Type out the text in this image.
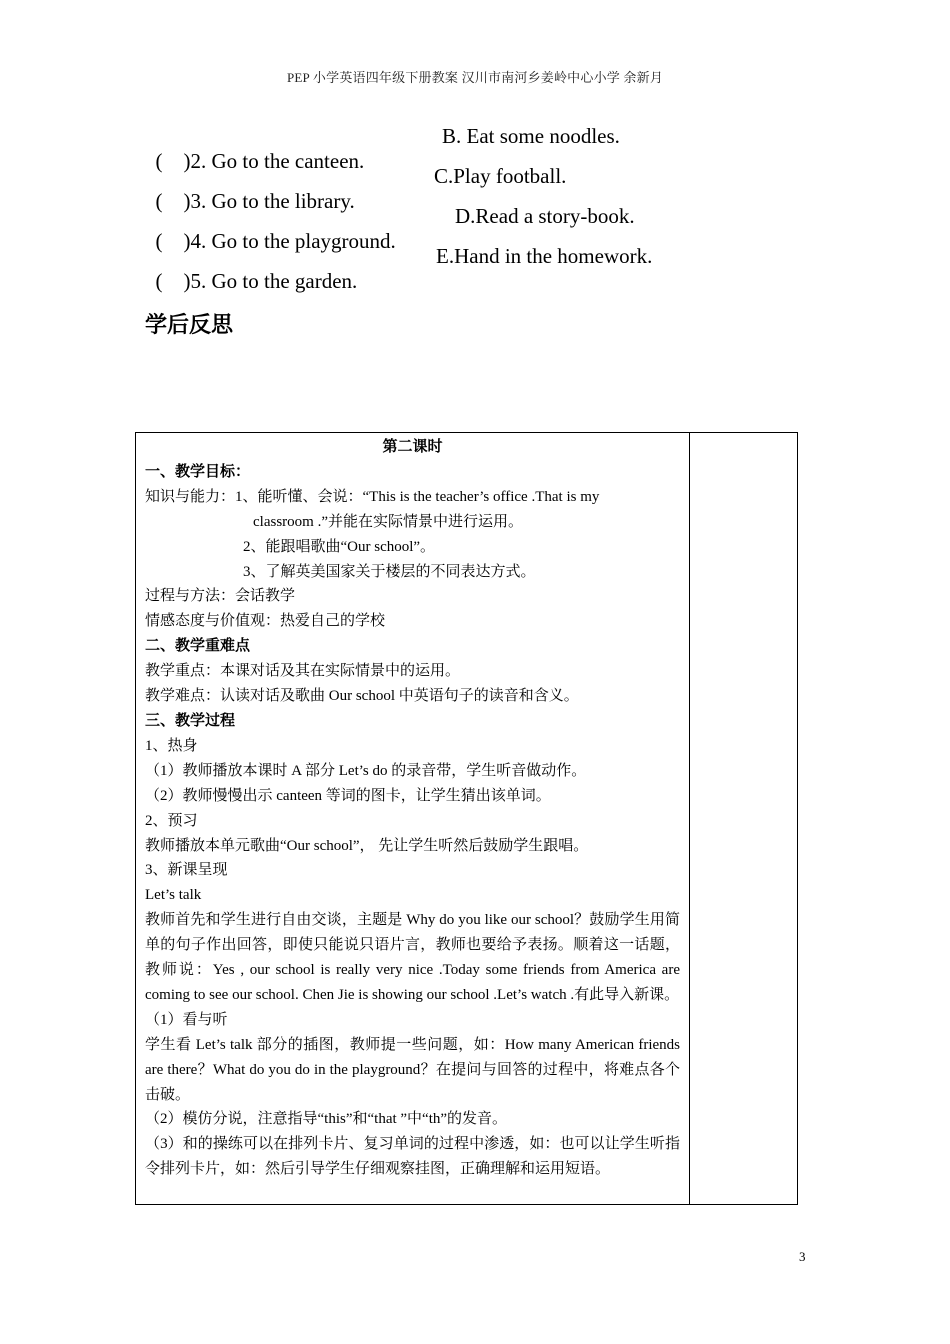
PEP 小学英语四年级下册教案 汉川市南河乡姜岭中心小学 余新月

(    )2. Go to the canteen.

B. Eat some noodles.

(    )3. Go to the library.

C.Play football.

(    )4. Go to the playground.

D.Read a story-book.

(    )5. Go to the garden.

E.Hand in the homework.

学后反思
第二课时
一、教学目标：
知识与能力：1、能听懂、会说：“This is the teacher’s office .That is my
classroom .”并能在实际情景中进行运用。
2、能跟唱歌曲“Our school”。
3、了解英美国家关于楼层的不同表达方式。
过程与方法：会话教学
情感态度与价值观：热爱自己的学校
二、教学重难点
教学重点：本课对话及其在实际情景中的运用。
教学难点：认读对话及歌曲 Our school 中英语句子的读音和含义。
三、教学过程
1、热身
（1）教师播放本课时 A 部分 Let’s do 的录音带，学生听音做动作。
（2）教师慢慢出示 canteen 等词的图卡，让学生猜出该单词。
2、预习
教师播放本单元歌曲“Our school”， 先让学生听然后鼓励学生跟唱。
3、新课呈现
Let’s talk
教师首先和学生进行自由交谈，主题是 Why do you like our school？鼓励学生用简单的句子作出回答，即使只能说只语片言，教师也要给予表扬。顺着这一话题，教师说：Yes , our school is really very nice .Today some friends from America are coming to see our school. Chen Jie is showing our school .Let’s watch .有此导入新课。
（1）看与听
学生看 Let’s talk 部分的插图，教师提一些问题，如：How many American friends are there？What do you do in the playground？在提问与回答的过程中，将难点各个击破。
（2）模仿分说，注意指导“this”和“that ”中“th”的发音。
（3）和的操练可以在排列卡片、复习单词的过程中渗透，如：也可以让学生听指令排列卡片，如：然后引导学生仔细观察挂图，正确理解和运用短语。
3
